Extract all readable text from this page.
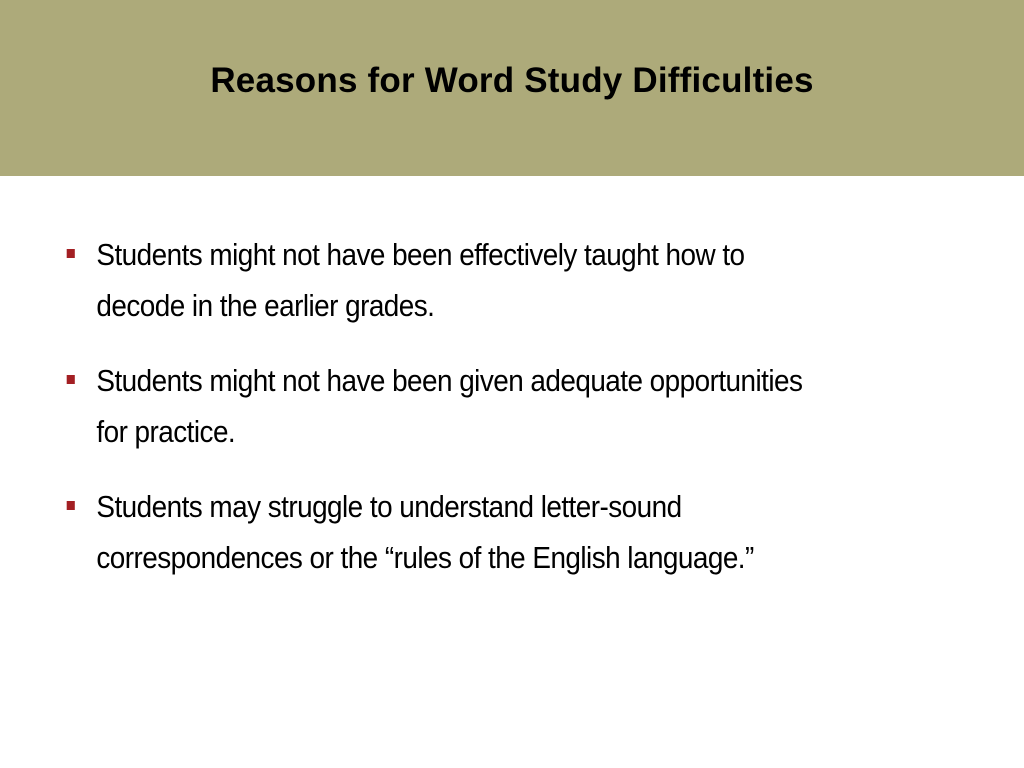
Reasons for Word Study Difficulties
Students might not have been effectively taught how to
decode in the earlier grades.
Students might not have been given adequate opportunities
for practice.
Students may struggle to understand letter-sound
correspondences or the “rules of the English language.”
